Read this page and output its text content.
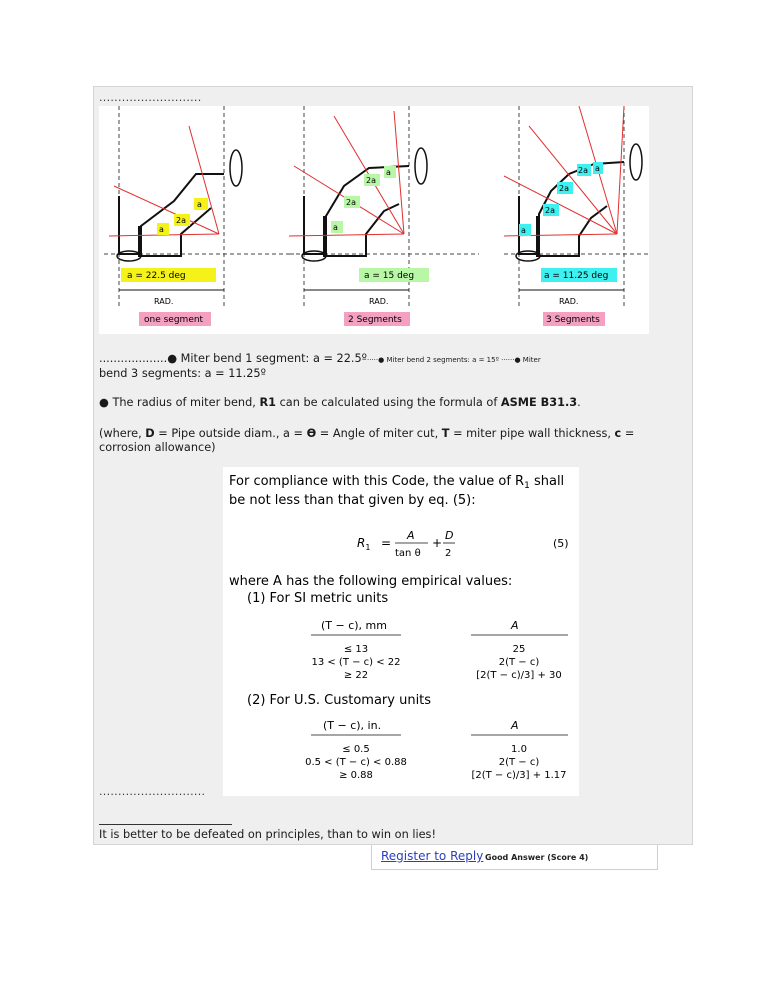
...........................
a
2a
a
a = 22.5 deg
RAD.
one segment
a
2a
2a
a
a = 15 deg
RAD.
2 Segments
a
2a
2a
2a
a
a = 11.25 deg
RAD.
3 Segments
...................● Miter bend 1 segment: a = 22.5º·····● Miter bend 2 segments: a = 15º ······● Miter
bend 3 segments: a = 11.25º
● The radius of miter bend, R1 can be calculated using the formula of ASME B31.3.
(where, D = Pipe outside diam., a = ϴ = Angle of miter cut, T = miter pipe wall thickness, c =
corrosion allowance)
For compliance with this Code, the value of $R_1$ shall
be not less than that given by eq. (5):
$R_1$ =
A
tan θ
+
D
2
(5)
where A has the following empirical values:
(1) For SI metric units
(T − c), mm	A
≤ 13	25
13 < (T − c) < 22	2(T − c)
≥ 22	[2(T − c)/3] + 30
(2) For U.S. Customary units
(T − c), in.	A
≤ 0.5	1.0
0.5 < (T − c) < 0.88	2(T − c)
≥ 0.88	[2(T − c)/3] + 1.17
............................
It is better to be defeated on principles, than to win on lies!
Register to Reply Good Answer (Score 4)
